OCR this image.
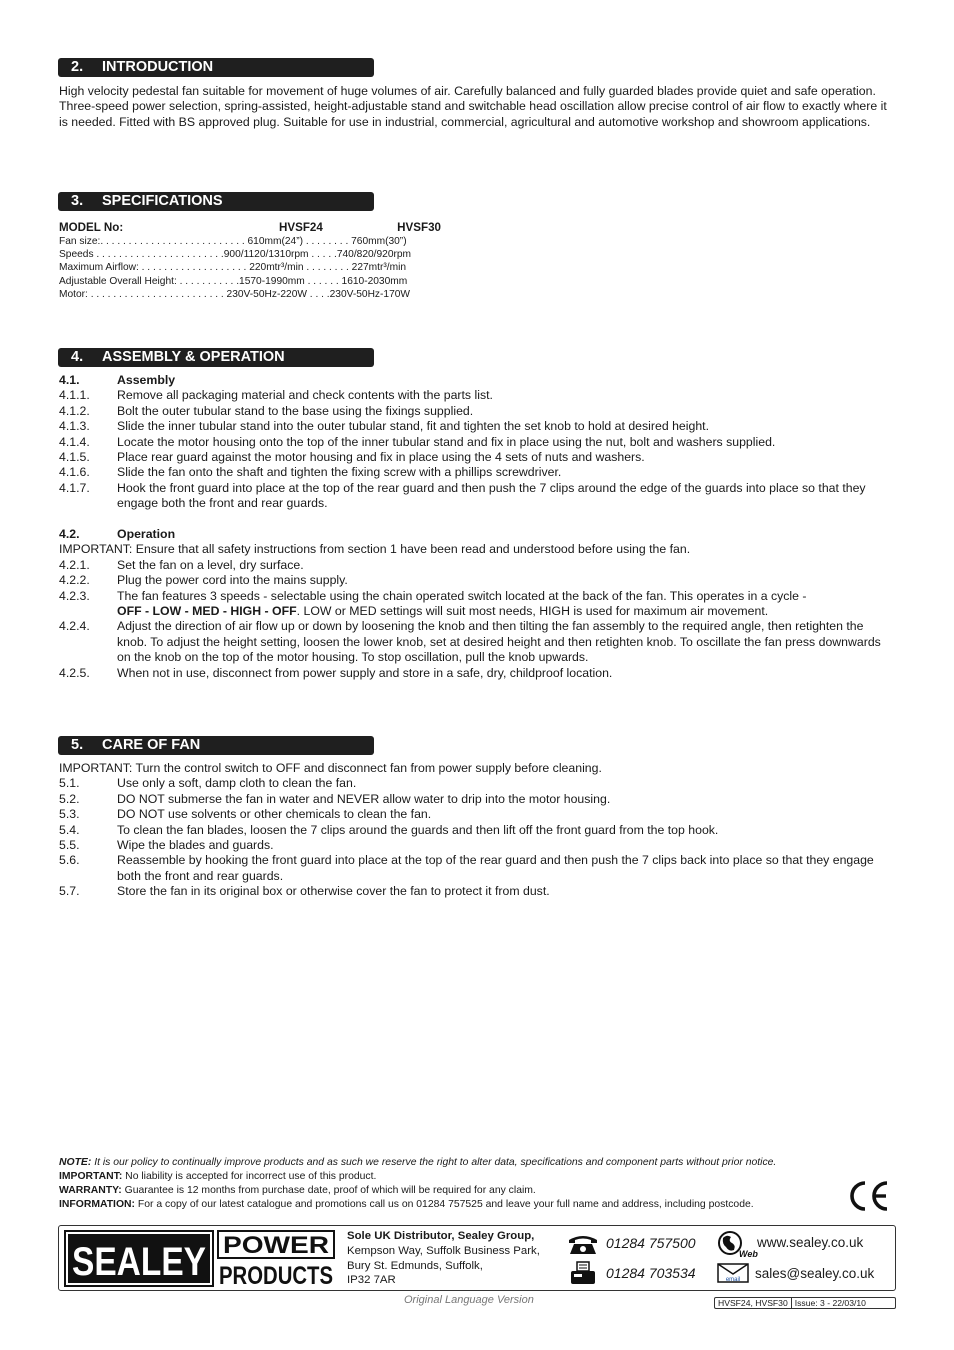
2. INTRODUCTION

High velocity pedestal fan suitable for movement of huge volumes of air. Carefully balanced and fully guarded blades provide quiet and safe operation. Three-speed power selection, spring-assisted, height-adjustable stand and switchable head oscillation allow precise control of air flow to exactly where it is needed. Fitted with BS approved plug. Suitable for use in industrial, commercial, agricultural and automotive workshop and showroom applications.

3. SPECIFICATIONS
MODEL No:	HVSF24	HVSF30
Fan size:. . . . . . . . . . . . . . . . . . . . . . . . . . 610mm(24”) . . . . . . . . 760mm(30”)
Speeds . . . . . . . . . . . . . . . . . . . . . . .900/1120/1310rpm . . . . .740/820/920rpm
Maximum Airflow: . . . . . . . . . . . . . . . . . . . 220mtr³/min . . . . . . . . 227mtr³/min
Adjustable Overall Height: . . . . . . . . . . .1570-1990mm . . . . . . 1610-2030mm
Motor: . . . . . . . . . . . . . . . . . . . . . . . . 230V-50Hz-220W . . . .230V-50Hz-170W
4. ASSEMBLY & OPERATION
4.1.	Assembly
4.1.1.	Remove all packaging material and check contents with the parts list.
4.1.2.	Bolt the outer tubular stand to the base using the fixings supplied.
4.1.3.	Slide the inner tubular stand into the outer tubular stand, fit and tighten the set knob to hold at desired height.
4.1.4.	Locate the motor housing onto the top of the inner tubular stand and fix in place using the nut, bolt and washers supplied.
4.1.5.	Place rear guard against the motor housing and fix in place using the 4 sets of nuts and washers.
4.1.6.	Slide the fan onto the shaft and tighten the fixing screw with a phillips screwdriver.
4.1.7.	Hook the front guard into place at the top of the rear guard and then push the 7 clips around the edge of the guards into place so that they engage both the front and rear guards.
4.2.	Operation
IMPORTANT: Ensure that all safety instructions from section 1 have been read and understood before using the fan.
4.2.1.	Set the fan on a level, dry surface.
4.2.2.	Plug the power cord into the mains supply.
4.2.3.	The fan features 3 speeds - selectable using the chain operated switch located at the back of the fan. This operates in a cycle -
OFF - LOW - MED - HIGH - OFF. LOW or MED settings will suit most needs, HIGH is used for maximum air movement.
4.2.4.	Adjust the direction of air flow up or down by loosening the knob and then tilting the fan assembly to the required angle, then retighten the knob. To adjust the height setting, loosen the lower knob, set at desired height and then retighten knob. To oscillate the fan press downwards on the knob on the top of the motor housing. To stop oscillation, pull the knob upwards.
4.2.5.	When not in use, disconnect from power supply and store in a safe, dry, childproof location.
5. CARE OF FAN
IMPORTANT: Turn the control switch to OFF and disconnect fan from power supply before cleaning.
5.1.	Use only a soft, damp cloth to clean the fan.
5.2.	DO NOT submerse the fan in water and NEVER allow water to drip into the motor housing.
5.3.	DO NOT use solvents or other chemicals to clean the fan.
5.4.	To clean the fan blades, loosen the 7 clips around the guards and then lift off the front guard from the top hook.
5.5.	Wipe the blades and guards.
5.6.	Reassemble by hooking the front guard into place at the top of the rear guard and then push the 7 clips back into place so that they engage both the front and rear guards.
5.7.	Store the fan in its original box or otherwise cover the fan to protect it from dust.
NOTE: It is our policy to continually improve products and as such we reserve the right to alter data, specifications and component parts without prior notice.
IMPORTANT: No liability is accepted for incorrect use of this product.
WARRANTY: Guarantee is 12 months from purchase date, proof of which will be required for any claim.
INFORMATION: For a copy of our latest catalogue and promotions call us on 01284 757525 and leave your full name and address, including postcode.
SEALEY POWER
PRODUCTS
Sole UK Distributor, Sealey Group,
Kempson Way, Suffolk Business Park,
Bury St. Edmunds, Suffolk,
IP32 7AR
01284 757500
01284 703534
Web
email
www.sealey.co.uk
sales@sealey.co.uk
Original Language Version	HVSF24, HVSF30 Issue: 3 - 22/03/10
